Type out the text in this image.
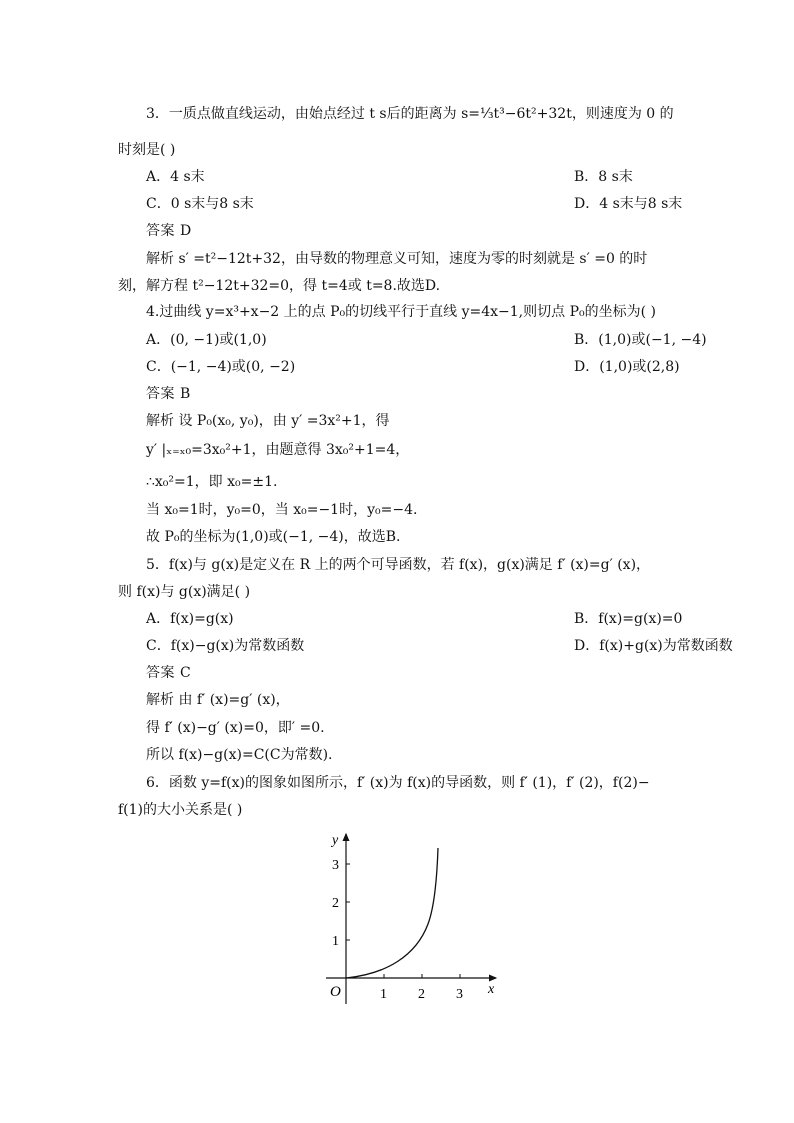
3．一质点做直线运动，由始点经过 t s后的距离为 s=⅓t³−6t²+32t，则速度为 0 的
时刻是( )
A．4 s末	B．8 s末
C．0 s末与8 s末	D．4 s末与8 s末
答案 D
解析 s′ =t²−12t+32，由导数的物理意义可知，速度为零的时刻就是 s′ =0 的时
刻，解方程 t²−12t+32=0，得 t=4或 t=8.故选D.
4.过曲线 y=x³+x−2 上的点 P₀的切线平行于直线 y=4x−1,则切点 P₀的坐标为( )
A．(0, −1)或(1,0)	B．(1,0)或(−1, −4)
C．(−1, −4)或(0, −2)	D．(1,0)或(2,8)
答案 B
解析 设 P₀(x₀, y₀)，由 y′ =3x²+1，得
y′ |ₓ₌ₓ₀=3x₀²+1，由题意得 3x₀²+1=4，
∴x₀²=1，即 x₀=±1.
当 x₀=1时，y₀=0，当 x₀=−1时，y₀=−4.
故 P₀的坐标为(1,0)或(−1, −4)，故选B.
5．f(x)与 g(x)是定义在 R 上的两个可导函数，若 f(x)，g(x)满足 f′ (x)=g′ (x)，
则 f(x)与 g(x)满足( )
A．f(x)=g(x)	B．f(x)=g(x)=0
C．f(x)−g(x)为常数函数	D．f(x)+g(x)为常数函数
答案 C
解析 由 f′ (x)=g′ (x)，
得 f′ (x)−g′ (x)=0，即′ =0.
所以 f(x)−g(x)=C(C为常数).
6．函数 y=f(x)的图象如图所示，f′ (x)为 f(x)的导函数，则 f′ (1)，f′ (2)，f(2)−
f(1)的大小关系是( )
y
x
O	1 2 3
1
2
3
